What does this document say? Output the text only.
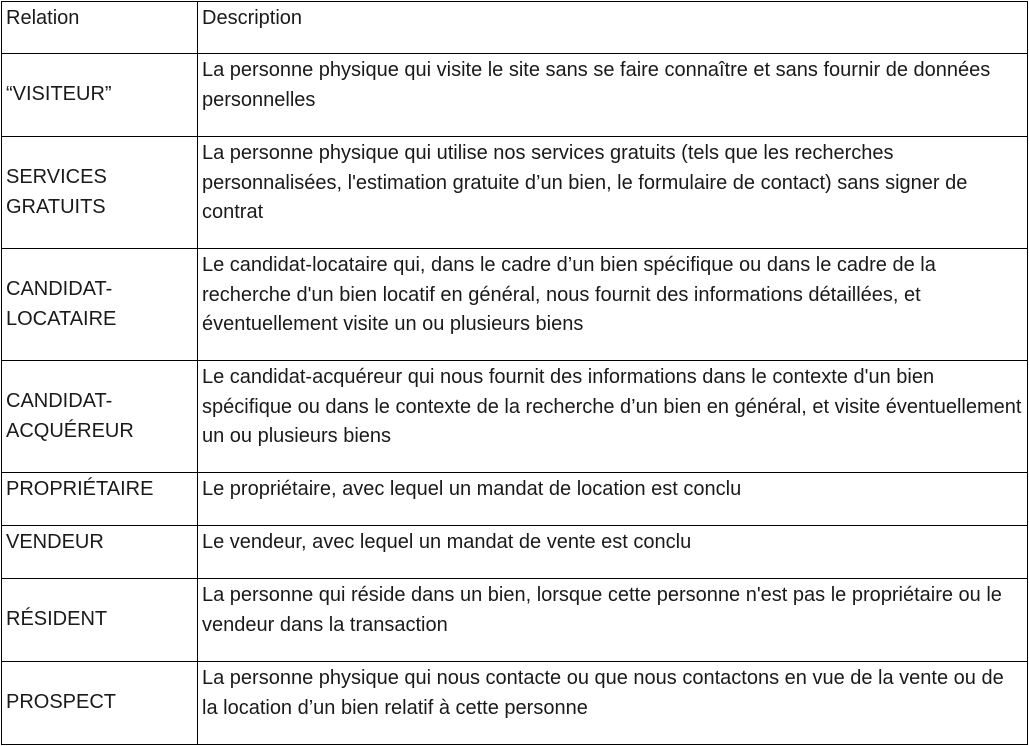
Relation	Description
“VISITEUR”	La personne physique qui visite le site sans se faire connaître et sans fournir de données personnelles
SERVICES GRATUITS	La personne physique qui utilise nos services gratuits (tels que les recherches personnalisées, l'estimation gratuite d’un bien, le formulaire de contact) sans signer de contrat
CANDIDAT-LOCATAIRE	Le candidat-locataire qui, dans le cadre d’un bien spécifique ou dans le cadre de la recherche d'un bien locatif en général, nous fournit des informations détaillées, et éventuellement visite un ou plusieurs biens
CANDIDAT-ACQUÉREUR	Le candidat-acquéreur qui nous fournit des informations dans le contexte d'un bien spécifique ou dans le contexte de la recherche d’un bien en général, et visite éventuellement un ou plusieurs biens
PROPRIÉTAIRE	Le propriétaire, avec lequel un mandat de location est conclu
VENDEUR	Le vendeur, avec lequel un mandat de vente est conclu
RÉSIDENT	La personne qui réside dans un bien, lorsque cette personne n'est pas le propriétaire ou le vendeur dans la transaction
PROSPECT	La personne physique qui nous contacte ou que nous contactons en vue de la vente ou de la location d’un bien relatif à cette personne
